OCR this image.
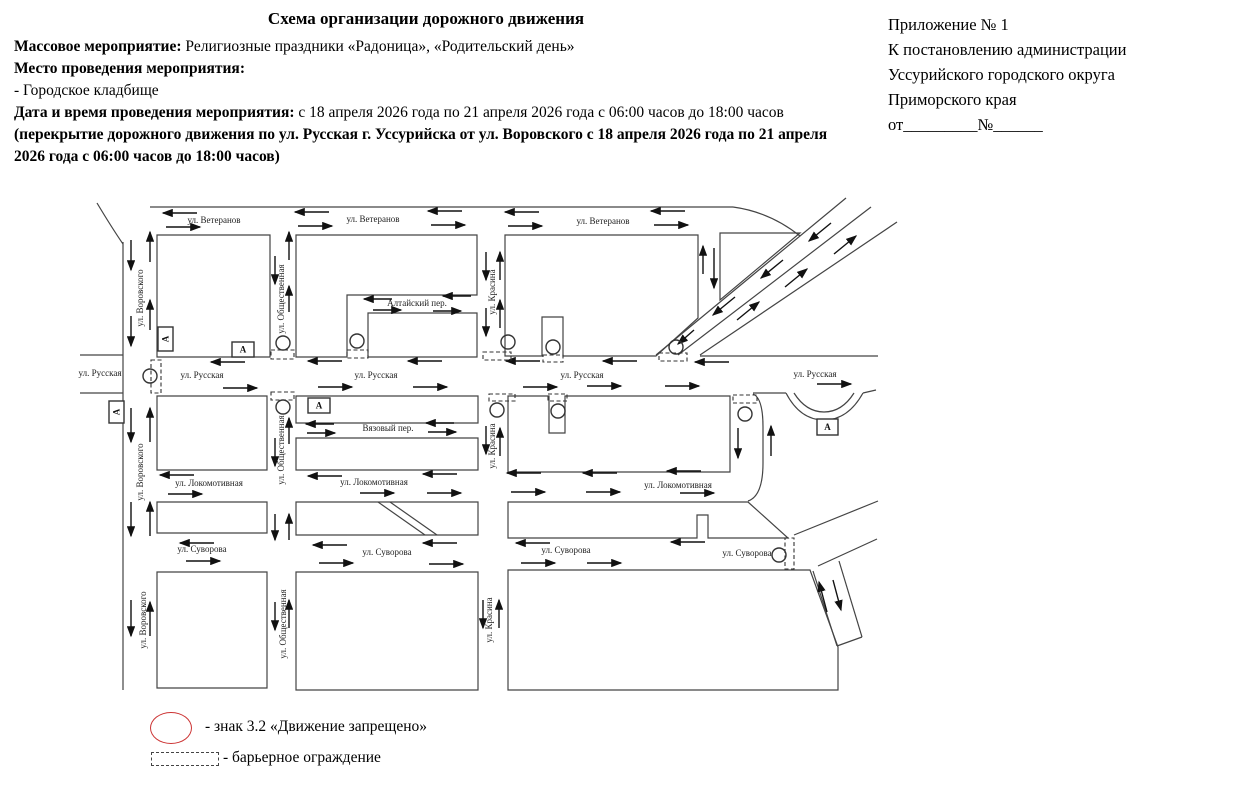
Схема организации дорожного движения

Массовое мероприятие: Религиозные праздники «Радоница», «Родительский день»

Место проведения мероприятия:

- Городское кладбище

Дата и время проведения мероприятия: с 18 апреля 2026 года по 21 апреля 2026 года с 06:00 часов до 18:00 часов

(перекрытие дорожного движения по ул. Русская г. Уссурийска от ул. Воровского с 18 апреля 2026 года по 21 апреля 2026 года с 06:00 часов до 18:00 часов)

Приложение № 1
К постановлению администрации
Уссурийского городского округа
Приморского края
от_________№______
А
А
А
А
А
ул. Ветеранов	ул. Ветеранов	ул. Ветеранов
ул. Воровского
ул. Воровского
ул. Воровского
ул. Русская	ул. Русская	ул. Русская	ул. Русская	ул. Русская
ул. Общественная
ул. Общественная
ул. Общественная
ул. Красина
ул. Красина
ул. Красина
Алтайский пер.
Вязовый пер.
ул. Локомотивная	ул. Локомотивная	ул. Локомотивная
ул. Суворова	ул. Суворова	ул. Суворова	ул. Суворова
- знак 3.2 «Движение запрещено»
- барьерное ограждение
